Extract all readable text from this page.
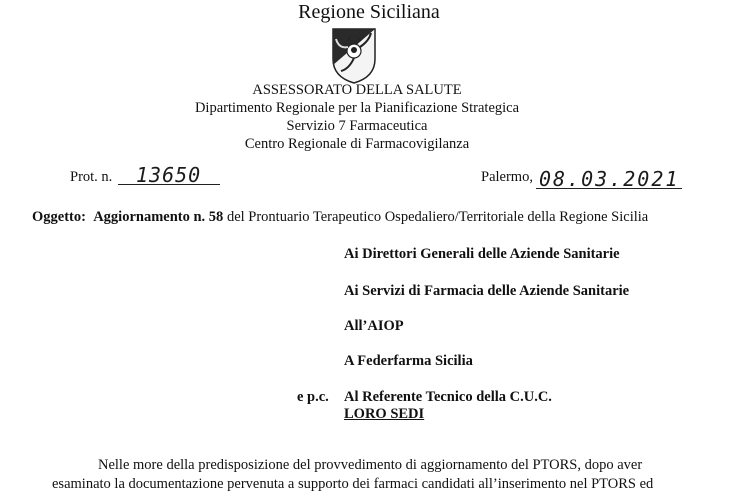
Regione Siciliana
ASSESSORATO DELLA SALUTE
Dipartimento Regionale per la Pianificazione Strategica
Servizio 7 Farmaceutica
Centro Regionale di Farmacovigilanza
Prot. n. 13650	Palermo, 08.03.2021
Oggetto: Aggiornamento n. 58 del Prontuario Terapeutico Ospedaliero/Territoriale della Regione Sicilia
Ai Direttori Generali delle Aziende Sanitarie
Ai Servizi di Farmacia delle Aziende Sanitarie
All’AIOP
A Federfarma Sicilia
e p.c. Al Referente Tecnico della C.U.C.
LORO SEDI
Nelle more della predisposizione del provvedimento di aggiornamento del PTORS, dopo aver
esaminato la documentazione pervenuta a supporto dei farmaci candidati all’inserimento nel PTORS ed
